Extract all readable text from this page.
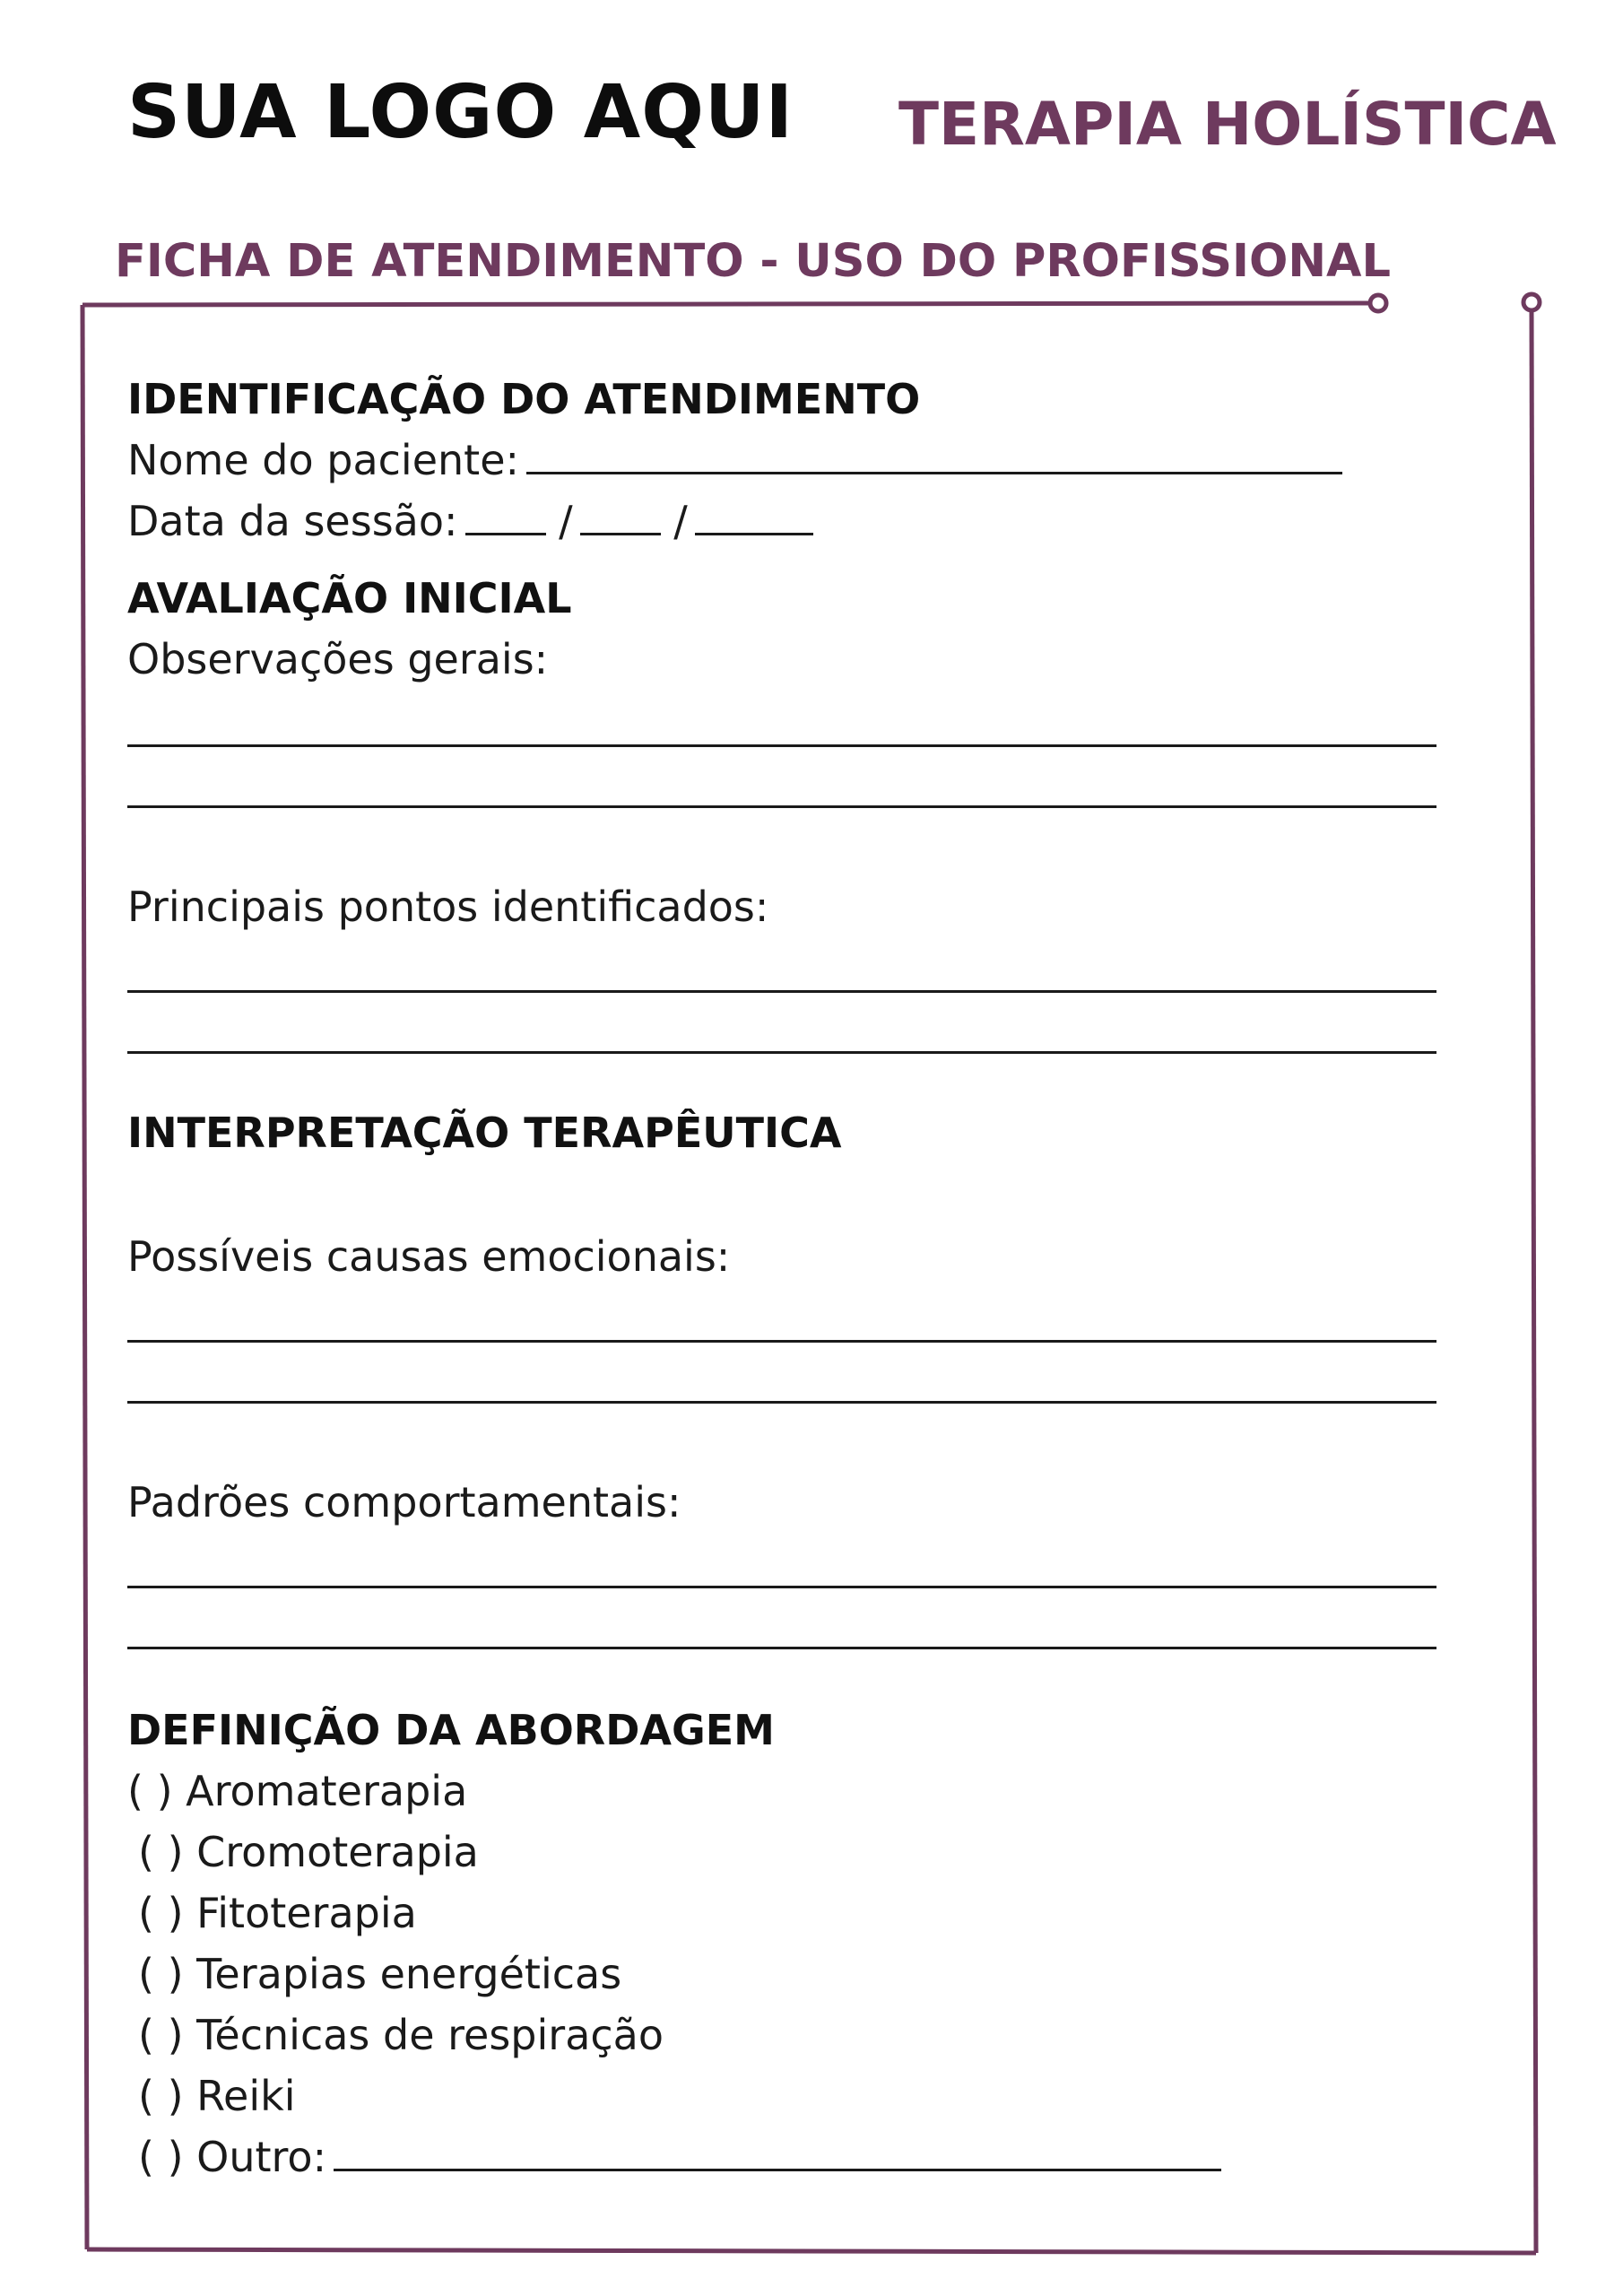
SUA LOGO AQUI TERAPIA HOLÍSTICA
FICHA DE ATENDIMENTO - USO DO PROFISSIONAL
IDENTIFICAÇÃO DO ATENDIMENTO
Nome do paciente:
Data da sessão: / /
AVALIAÇÃO INICIAL
Observações gerais:
Principais pontos identificados:
INTERPRETAÇÃO TERAPÊUTICA
Possíveis causas emocionais:
Padrões comportamentais:
DEFINIÇÃO DA ABORDAGEM
( ) Aromaterapia
( ) Cromoterapia
( ) Fitoterapia
( ) Terapias energéticas
( ) Técnicas de respiração
( ) Reiki
( ) Outro:
